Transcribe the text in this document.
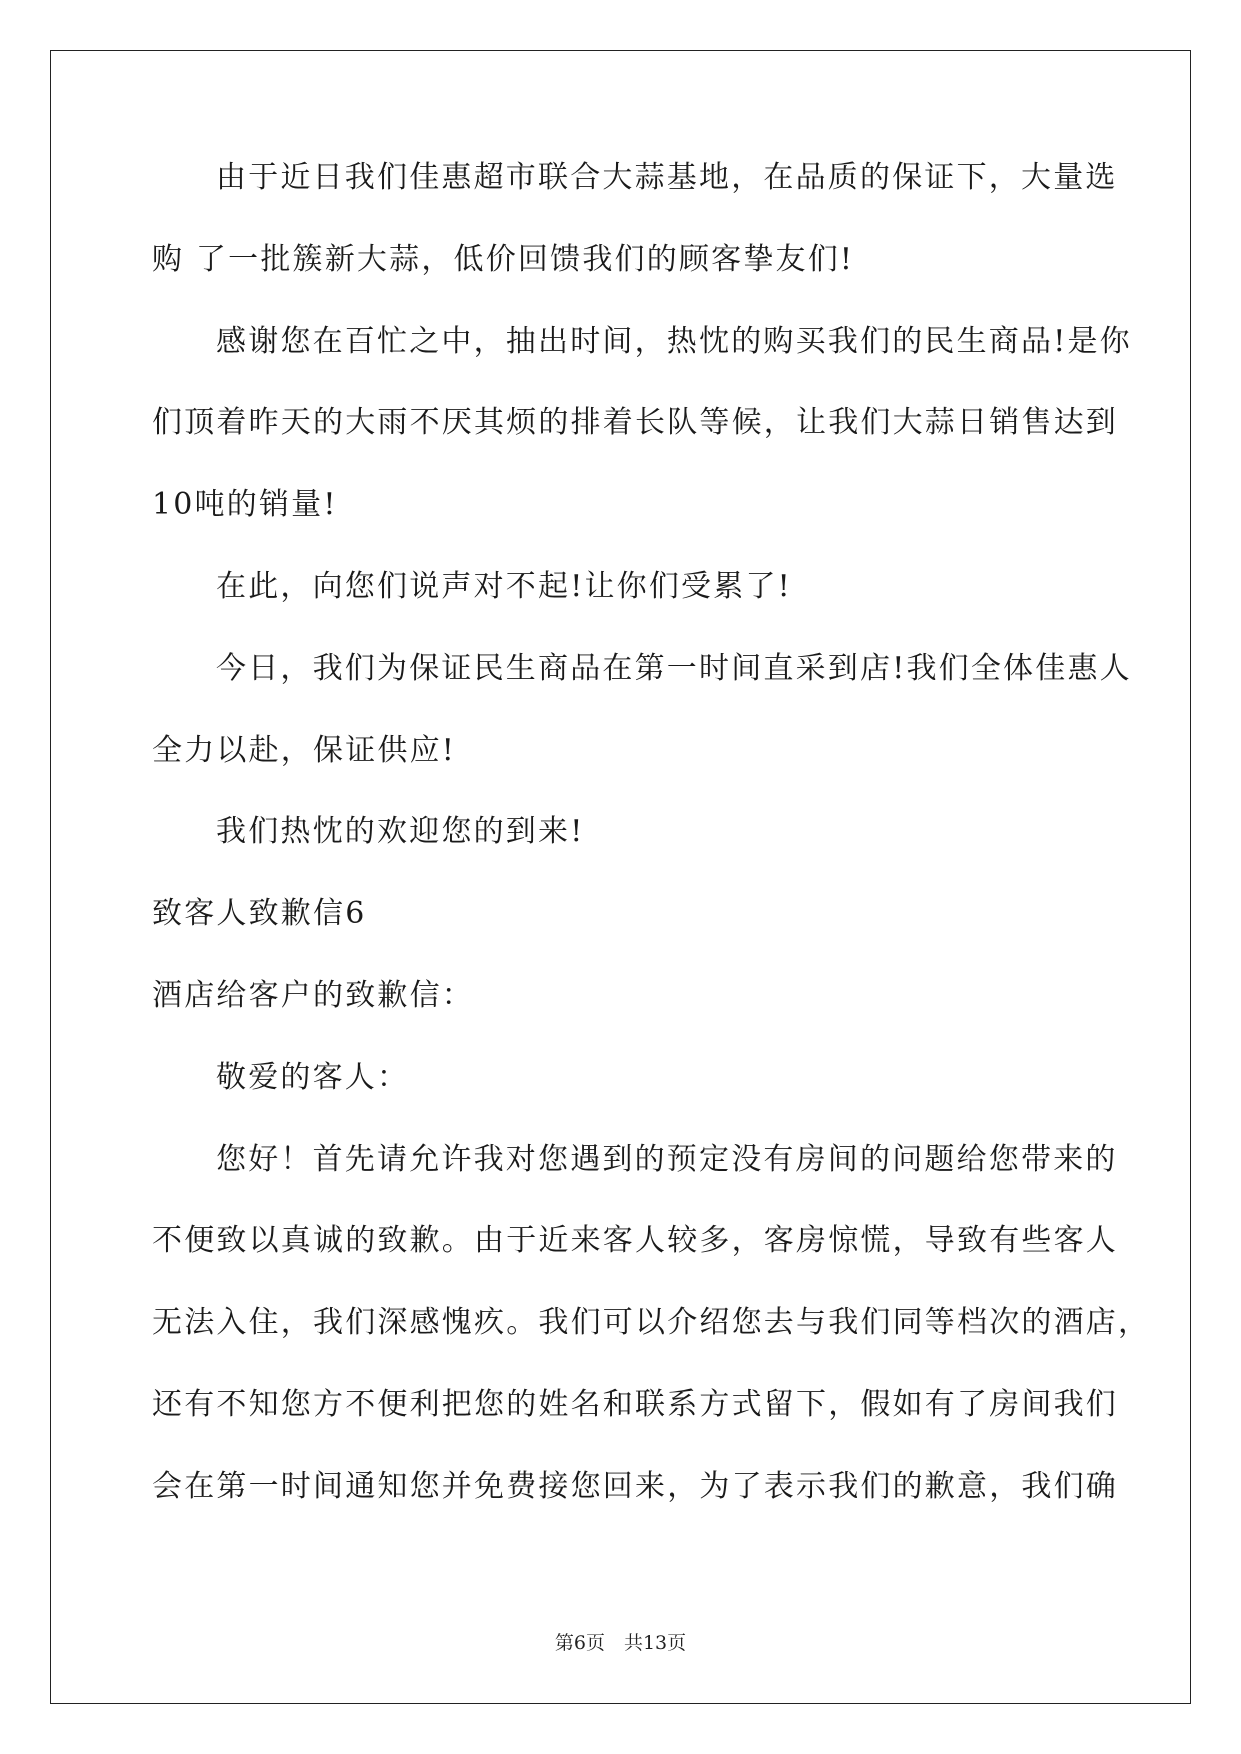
由于近日我们佳惠超市联合大蒜基地，在品质的保证下，大量选
购 了一批簇新大蒜，低价回馈我们的顾客挚友们!
感谢您在百忙之中，抽出时间，热忱的购买我们的民生商品!是你
们顶着昨天的大雨不厌其烦的排着长队等候，让我们大蒜日销售达到
10吨的销量!
在此，向您们说声对不起!让你们受累了!
今日，我们为保证民生商品在第一时间直采到店!我们全体佳惠人
全力以赴，保证供应!
我们热忱的欢迎您的到来!
致客人致歉信6
酒店给客户的致歉信：
敬爱的客人：
您好！首先请允许我对您遇到的预定没有房间的问题给您带来的
不便致以真诚的致歉。由于近来客人较多，客房惊慌，导致有些客人
无法入住，我们深感愧疚。我们可以介绍您去与我们同等档次的酒店，
还有不知您方不便利把您的姓名和联系方式留下，假如有了房间我们
会在第一时间通知您并免费接您回来，为了表示我们的歉意，我们确
第6页　共13页
